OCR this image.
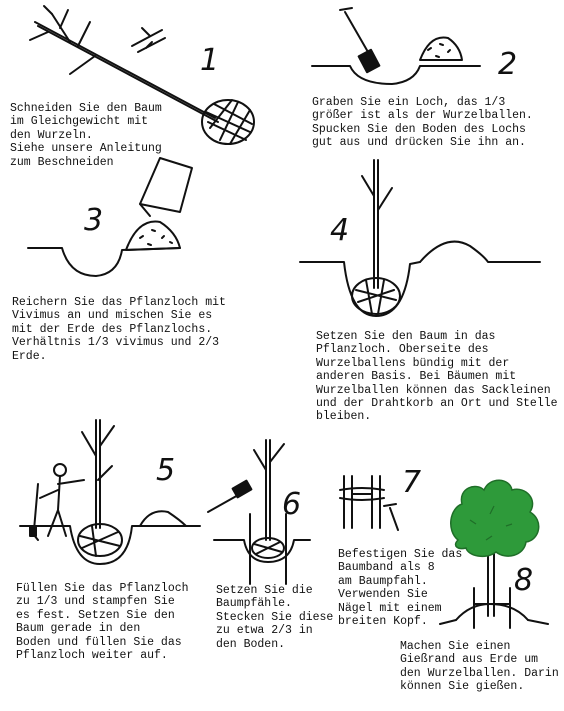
1	2
3	4
5
6
7
8
Schneiden Sie den Baum
im Gleichgewicht mit
den Wurzeln.
Siehe unsere Anleitung
zum Beschneiden
Graben Sie ein Loch, das 1/3
größer ist als der Wurzelballen.
Spucken Sie den Boden des Lochs
gut aus und drücken Sie ihn an.
Reichern Sie das Pflanzloch mit
Vivimus an und mischen Sie es
mit der Erde des Pflanzlochs.
Verhältnis 1/3 vivimus und 2/3
Erde.
Setzen Sie den Baum in das
Pflanzloch. Oberseite des
Wurzelballens bündig mit der
anderen Basis. Bei Bäumen mit
Wurzelballen können das Sackleinen
und der Drahtkorb an Ort und Stelle
bleiben.
Füllen Sie das Pflanzloch
zu 1/3 und stampfen Sie
es fest. Setzen Sie den
Baum gerade in den
Boden und füllen Sie das
Pflanzloch weiter auf.
Setzen Sie die
Baumpfähle.
Stecken Sie diese
zu etwa 2/3 in
den Boden.
Befestigen Sie das
Baumband als 8
am Baumpfahl.
Verwenden Sie
Nägel mit einem
breiten Kopf.
Machen Sie einen
Gießrand aus Erde um
den Wurzelballen. Darin
können Sie gießen.
